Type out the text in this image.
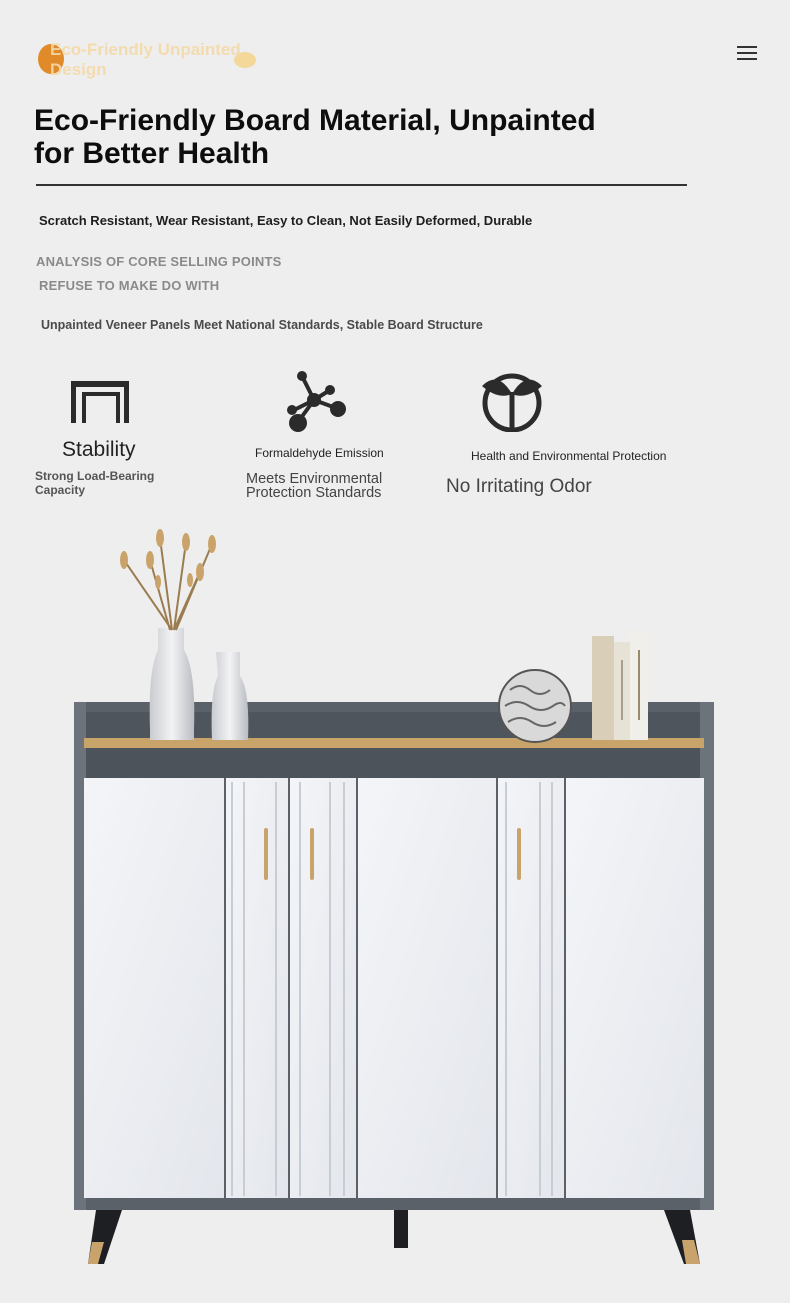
Eco-Friendly Unpainted Design
Eco-Friendly Board Material, Unpainted for Better Health
Scratch Resistant, Wear Resistant, Easy to Clean, Not Easily Deformed, Durable
ANALYSIS OF CORE SELLING POINTS
REFUSE TO MAKE DO WITH
Unpainted Veneer Panels Meet National Standards, Stable Board Structure
Stability
Strong Load-Bearing Capacity
Formaldehyde Emission
Meets Environmental Protection Standards
Health and Environmental Protection
No Irritating Odor
